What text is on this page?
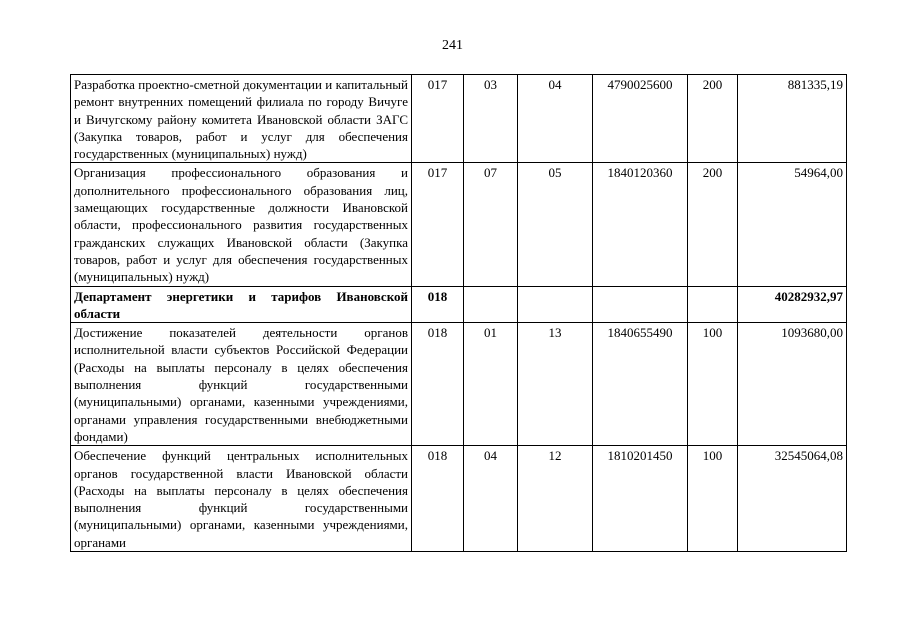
241
Разработка проектно-сметной документации и капитальный ремонт внутренних помещений филиала по городу Вичуге и Вичугскому району комитета Ивановской области ЗАГС (Закупка товаров, работ и услуг для обеспечения государственных (муниципальных) нужд)	017	03	04	4790025600	200	881335,19
Организация профессионального образования и дополнительного профессионального образования лиц, замещающих государственные должности Ивановской области, профессионального развития государственных гражданских служащих Ивановской области (Закупка товаров, работ и услуг для обеспечения государственных (муниципальных) нужд)	017	07	05	1840120360	200	54964,00
Департамент энергетики и тарифов Ивановской области	018					40282932,97
Достижение показателей деятельности органов исполнительной власти субъектов Российской Федерации (Расходы на выплаты персоналу в целях обеспечения выполнения функций государственными (муниципальными) органами, казенными учреждениями, органами управления государственными внебюджетными фондами)	018	01	13	1840655490	100	1093680,00
Обеспечение функций центральных исполнительных органов государственной власти Ивановской области (Расходы на выплаты персоналу в целях обеспечения выполнения функций государственными (муниципальными) органами, казенными учреждениями, органами	018	04	12	1810201450	100	32545064,08
